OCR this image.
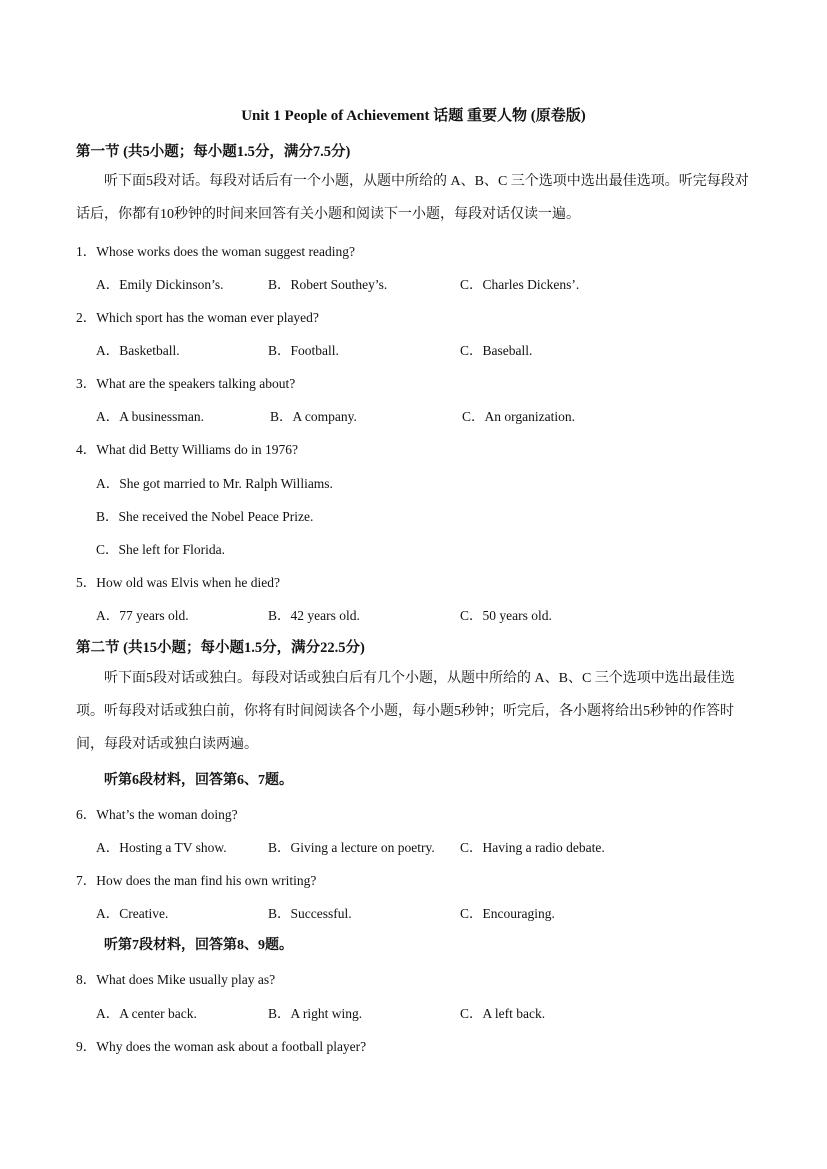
Unit 1 People of Achievement 话题 重要人物 (原卷版)
第一节 (共5小题；每小题1.5分，满分7.5分)
听下面5段对话。每段对话后有一个小题，从题中所给的 A、B、C 三个选项中选出最佳选项。听完每段对话后，你都有10秒钟的时间来回答有关小题和阅读下一小题，每段对话仅读一遍。
1．Whose works does the woman suggest reading?
A．Emily Dickinson’s.	B．Robert Southey’s.	C．Charles Dickens’.
2．Which sport has the woman ever played?
A．Basketball.	B．Football.	C．Baseball.
3．What are the speakers talking about?
A．A businessman.	B．A company.	C．An organization.
4．What did Betty Williams do in 1976?
A．She got married to Mr. Ralph Williams.
B．She received the Nobel Peace Prize.
C．She left for Florida.
5．How old was Elvis when he died?
A．77 years old.	B．42 years old.	C．50 years old.
第二节 (共15小题；每小题1.5分，满分22.5分)
听下面5段对话或独白。每段对话或独白后有几个小题，从题中所给的 A、B、C 三个选项中选出最佳选项。听每段对话或独白前，你将有时间阅读各个小题，每小题5秒钟；听完后，各小题将给出5秒钟的作答时间，每段对话或独白读两遍。
听第6段材料，回答第6、7题。
6．What’s the woman doing?
A．Hosting a TV show.	B．Giving a lecture on poetry. C．Having a radio debate.
7．How does the man find his own writing?
A．Creative.	B．Successful.	C．Encouraging.
听第7段材料，回答第8、9题。
8．What does Mike usually play as?
A．A center back.	B．A right wing.	C．A left back.
9．Why does the woman ask about a football player?
